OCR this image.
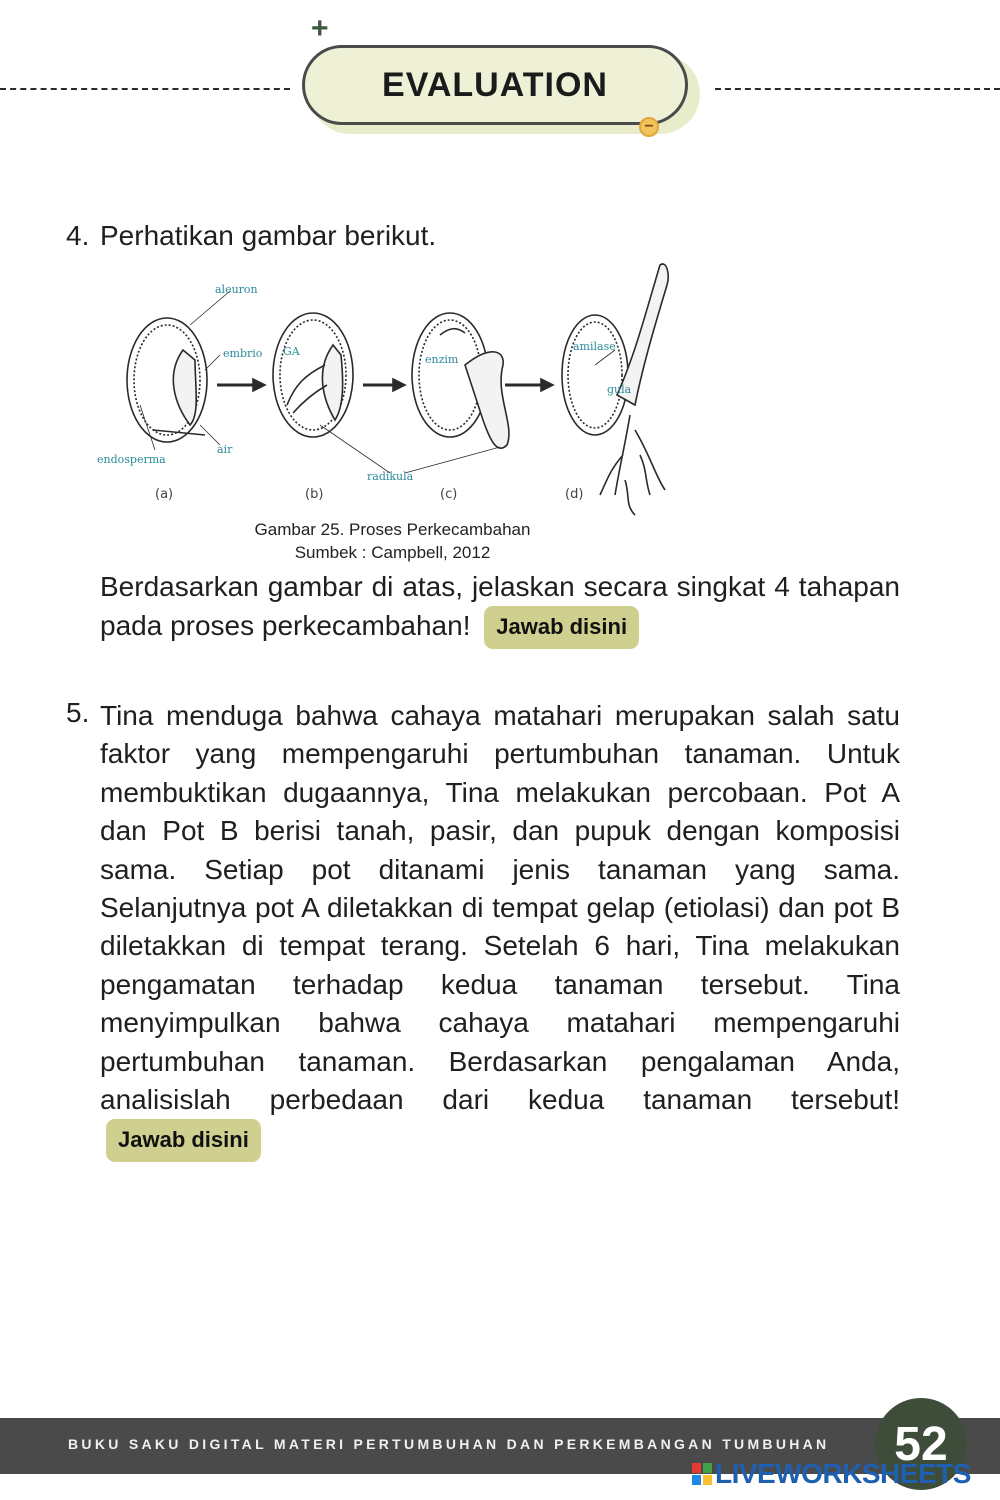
+
EVALUATION
−
4. Perhatikan gambar berikut.
aleuron
embrio GA
enzim
amilase
gula
endosperma
air
radikula
(a)	(b)	(c)	(d)
Gambar 25. Proses Perkecambahan
Sumbek : Campbell, 2012
Berdasarkan gambar di atas, jelaskan secara singkat 4 tahapan pada proses perkecambahan! Jawab disini
5. Tina menduga bahwa cahaya matahari merupakan salah satu faktor yang mempengaruhi pertumbuhan tanaman. Untuk membuktikan dugaannya, Tina melakukan percobaan. Pot A dan Pot B berisi tanah, pasir, dan pupuk dengan komposisi sama. Setiap pot ditanami jenis tanaman yang sama. Selanjutnya pot A diletakkan di tempat gelap (etiolasi) dan pot B diletakkan di tempat terang. Setelah 6 hari, Tina melakukan pengamatan terhadap kedua tanaman tersebut. Tina menyimpulkan bahwa cahaya matahari mempengaruhi pertumbuhan tanaman. Berdasarkan pengalaman Anda, analisislah perbedaan dari kedua tanaman tersebut! Jawab disini
BUKU SAKU DIGITAL MATERI PERTUMBUHAN DAN PERKEMBANGAN TUMBUHAN 52
LIVEWORKSHEETS
